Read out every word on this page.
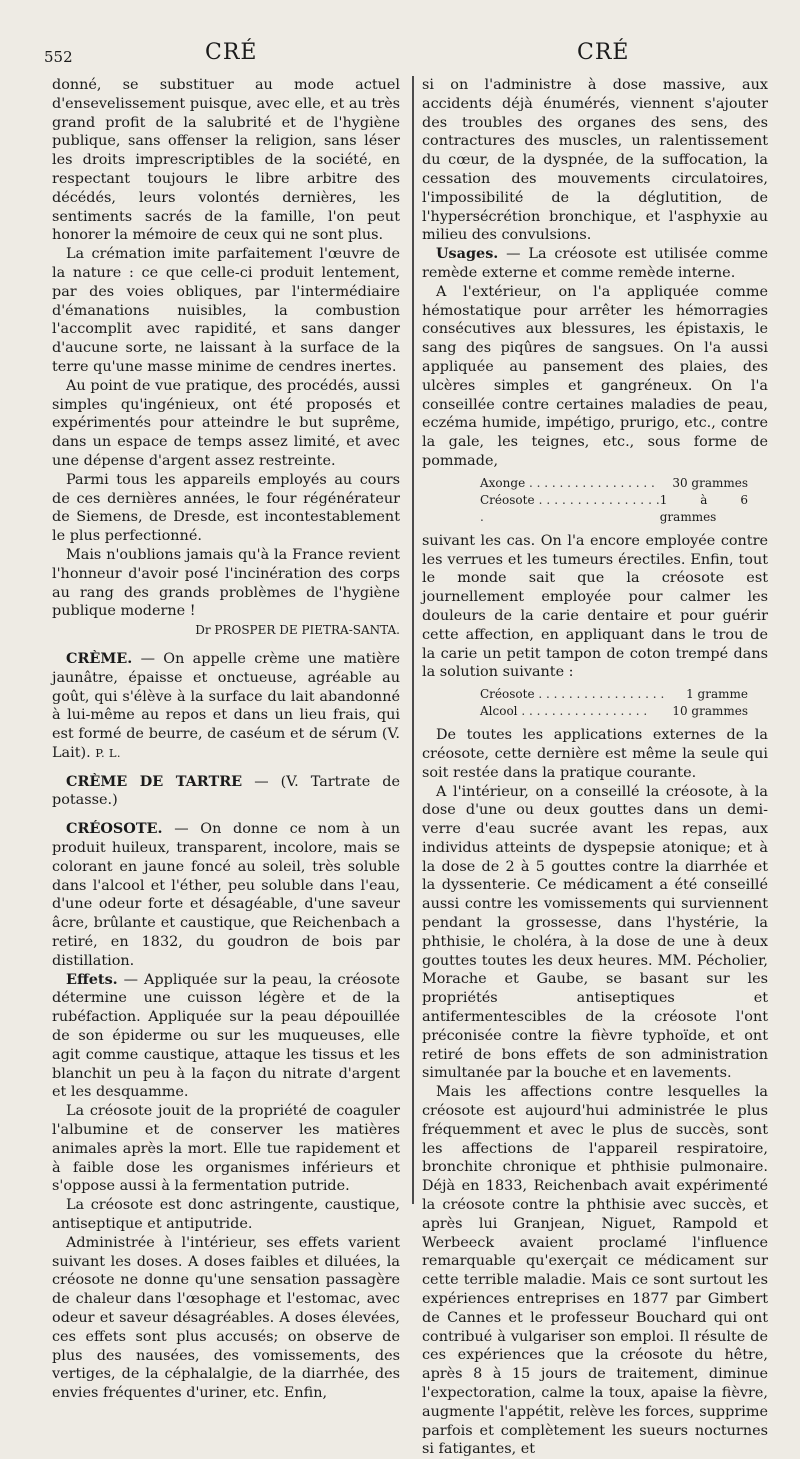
552	CRÉ	CRÉ

donné, se substituer au mode actuel d'ensevelissement puisque, avec elle, et au très grand profit de la salubrité et de l'hygiène publique, sans offenser la religion, sans léser les droits imprescriptibles de la société, en respectant toujours le libre arbitre des décédés, leurs volontés dernières, les sentiments sacrés de la famille, l'on peut honorer la mémoire de ceux qui ne sont plus.

La crémation imite parfaitement l'œuvre de la nature : ce que celle-ci produit lentement, par des voies obliques, par l'intermédiaire d'émanations nuisibles, la combustion l'accomplit avec rapidité, et sans danger d'aucune sorte, ne laissant à la surface de la terre qu'une masse minime de cendres inertes.

Au point de vue pratique, des procédés, aussi simples qu'ingénieux, ont été proposés et expérimentés pour atteindre le but suprême, dans un espace de temps assez limité, et avec une dépense d'argent assez restreinte.

Parmi tous les appareils employés au cours de ces dernières années, le four régénérateur de Siemens, de Dresde, est incontestablement le plus perfectionné.

Mais n'oublions jamais qu'à la France revient l'honneur d'avoir posé l'incinération des corps au rang des grands problèmes de l'hygiène publique moderne !

Dr PROSPER DE PIETRA-SANTA.

CRÈME. — On appelle crème une matière jaunâtre, épaisse et onctueuse, agréable au goût, qui s'élève à la surface du lait abandonné à lui-même au repos et dans un lieu frais, qui est formé de beurre, de caséum et de sérum (V. Lait). P. L.

CRÈME DE TARTRE — (V. Tartrate de potasse.)

CRÉOSOTE. — On donne ce nom à un produit huileux, transparent, incolore, mais se colorant en jaune foncé au soleil, très soluble dans l'alcool et l'éther, peu soluble dans l'eau, d'une odeur forte et désagéable, d'une saveur âcre, brûlante et caustique, que Reichenbach a retiré, en 1832, du goudron de bois par distillation.

Effets. — Appliquée sur la peau, la créosote détermine une cuisson légère et de la rubéfaction. Appliquée sur la peau dépouillée de son épiderme ou sur les muqueuses, elle agit comme caustique, attaque les tissus et les blanchit un peu à la façon du nitrate d'argent et les desquamme.

La créosote jouit de la propriété de coaguler l'albumine et de conserver les matières animales après la mort. Elle tue rapidement et à faible dose les organismes inférieurs et s'oppose aussi à la fermentation putride.

La créosote est donc astringente, caustique, antiseptique et antiputride.

Administrée à l'intérieur, ses effets varient suivant les doses. A doses faibles et diluées, la créosote ne donne qu'une sensation passagère de chaleur dans l'œsophage et l'estomac, avec odeur et saveur désagréables. A doses élevées, ces effets sont plus accusés; on observe de plus des nausées, des vomissements, des vertiges, de la céphalalgie, de la diarrhée, des envies fréquentes d'uriner, etc. Enfin,

si on l'administre à dose massive, aux accidents déjà énumérés, viennent s'ajouter des troubles des organes des sens, des contractures des muscles, un ralentissement du cœur, de la dyspnée, de la suffocation, la cessation des mouvements circulatoires, l'impossibilité de la déglutition, de l'hypersécrétion bronchique, et l'asphyxie au milieu des convulsions.

Usages. — La créosote est utilisée comme remède externe et comme remède interne.

A l'extérieur, on l'a appliquée comme hémostatique pour arrêter les hémorragies consécutives aux blessures, les épistaxis, le sang des piqûres de sangsues. On l'a aussi appliquée au pansement des plaies, des ulcères simples et gangréneux. On l'a conseillée contre certaines maladies de peau, eczéma humide, impétigo, prurigo, etc., contre la gale, les teignes, etc., sous forme de pommade,

Axonge . . .	30 grammes
Créosote . . .	1 à 6 grammes

suivant les cas. On l'a encore employée contre les verrues et les tumeurs érectiles. Enfin, tout le monde sait que la créosote est journellement employée pour calmer les douleurs de la carie dentaire et pour guérir cette affection, en appliquant dans le trou de la carie un petit tampon de coton trempé dans la solution suivante :

Créosote . . .	1 gramme
Alcool . . .	10 grammes

De toutes les applications externes de la créosote, cette dernière est même la seule qui soit restée dans la pratique courante.

A l'intérieur, on a conseillé la créosote, à la dose d'une ou deux gouttes dans un demi-verre d'eau sucrée avant les repas, aux individus atteints de dyspepsie atonique; et à la dose de 2 à 5 gouttes contre la diarrhée et la dyssenterie. Ce médicament a été conseillé aussi contre les vomissements qui surviennent pendant la grossesse, dans l'hystérie, la phthisie, le choléra, à la dose de une à deux gouttes toutes les deux heures. MM. Pécholier, Morache et Gaube, se basant sur les propriétés antiseptiques et antifermentescibles de la créosote l'ont préconisée contre la fièvre typhoïde, et ont retiré de bons effets de son administration simultanée par la bouche et en lavements.

Mais les affections contre lesquelles la créosote est aujourd'hui administrée le plus fréquemment et avec le plus de succès, sont les affections de l'appareil respiratoire, bronchite chronique et phthisie pulmonaire. Déjà en 1833, Reichenbach avait expérimenté la créosote contre la phthisie avec succès, et après lui Granjean, Niguet, Rampold et Werbeeck avaient proclamé l'influence remarquable qu'exerçait ce médicament sur cette terrible maladie. Mais ce sont surtout les expériences entreprises en 1877 par Gimbert de Cannes et le professeur Bouchard qui ont contribué à vulgariser son emploi. Il résulte de ces expériences que la créosote du hêtre, après 8 à 15 jours de traitement, diminue l'expectoration, calme la toux, apaise la fièvre, augmente l'appétit, relève les forces, supprime parfois et complètement les sueurs nocturnes si fatigantes, et
